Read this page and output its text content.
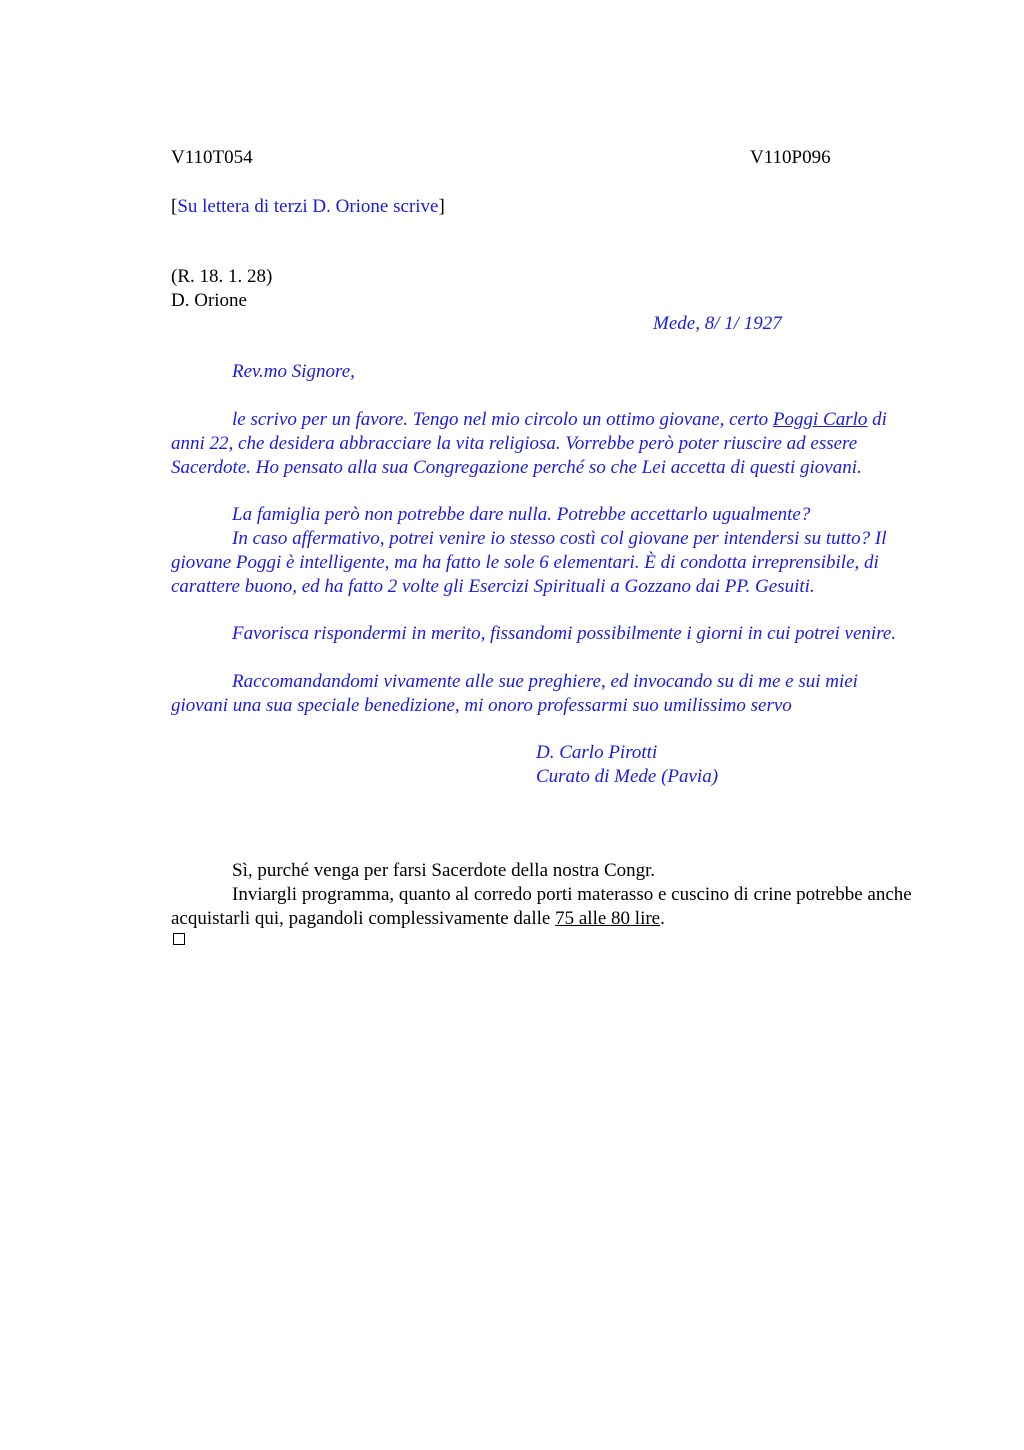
V110T054	V110P096
[Su lettera di terzi D. Orione scrive]
(R. 18. 1. 28)
D. Orione
Mede, 8/ 1/ 1927
Rev.mo Signore,
le scrivo per un favore. Tengo nel mio circolo un ottimo giovane, certo Poggi Carlo di anni 22, che desidera abbracciare la vita religiosa. Vorrebbe però poter riuscire ad essere Sacerdote. Ho pensato alla sua Congregazione perché so che Lei accetta di questi giovani.
La famiglia però non potrebbe dare nulla. Potrebbe accettarlo ugualmente?
In caso affermativo, potrei venire io stesso costì col giovane per intendersi su tutto? Il giovane Poggi è intelligente, ma ha fatto le sole 6 elementari. È di condotta irreprensibile, di carattere buono, ed ha fatto 2 volte gli Esercizi Spirituali a Gozzano dai PP. Gesuiti.
Favorisca rispondermi in merito, fissandomi possibilmente i giorni in cui potrei venire.
Raccomandandomi vivamente alle sue preghiere, ed invocando su di me e sui miei giovani una sua speciale benedizione, mi onoro professarmi suo umilissimo servo
D. Carlo Pirotti
Curato di Mede (Pavia)
Sì, purché venga per farsi Sacerdote della nostra Congr.
Inviargli programma, quanto al corredo porti materasso e cuscino di crine potrebbe anche acquistarli qui, pagandoli complessivamente dalle 75 alle 80 lire.
